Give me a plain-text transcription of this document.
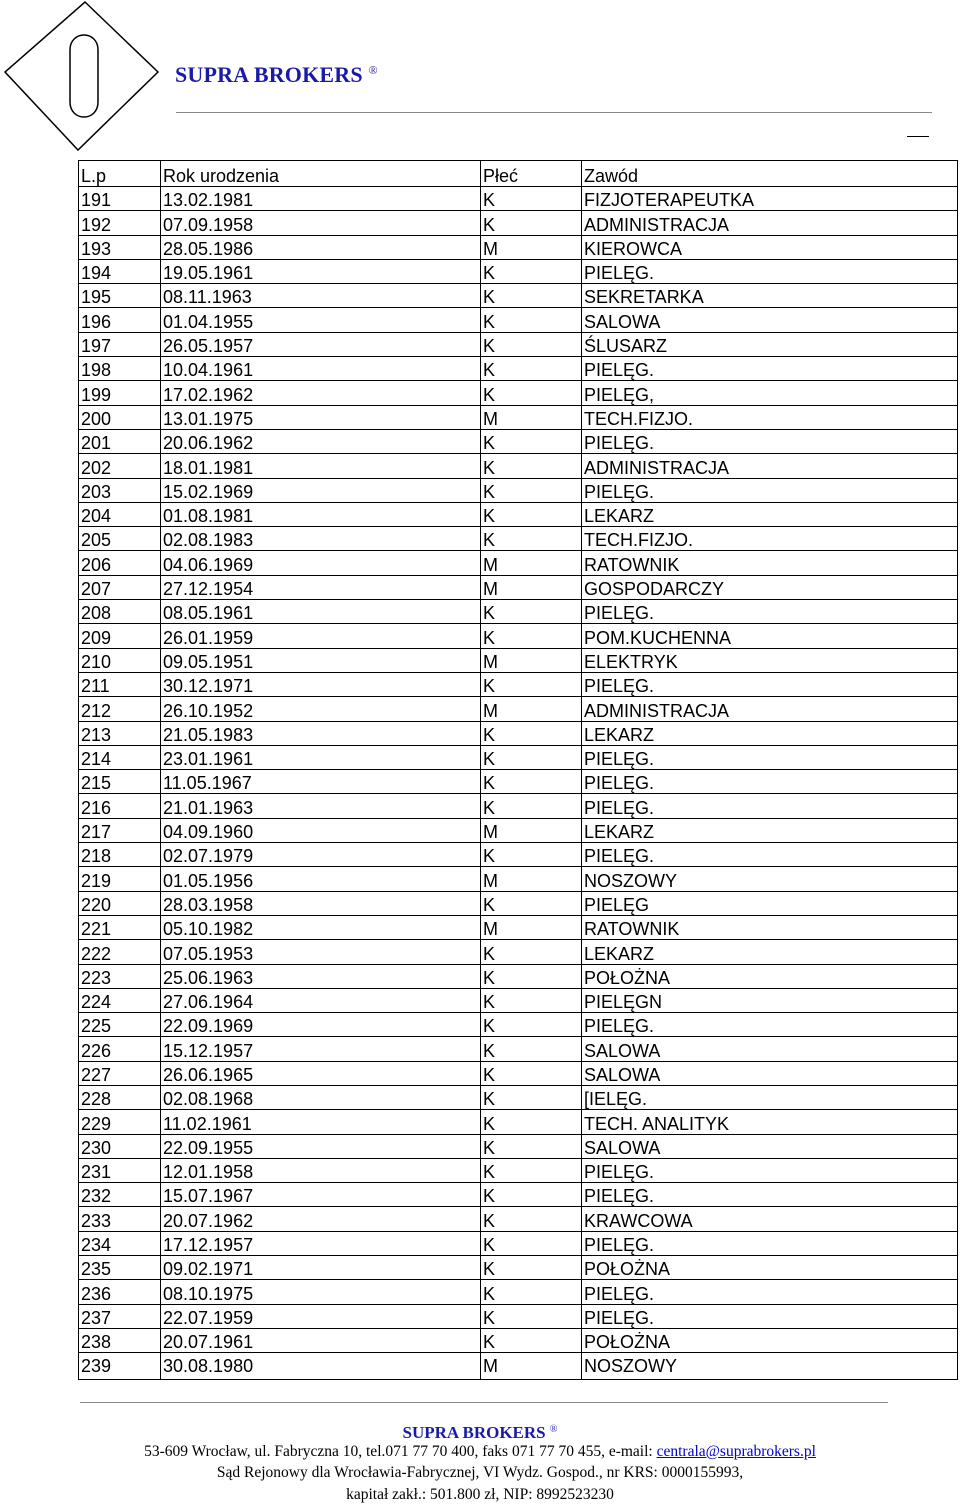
SUPRA BROKERS ®
L.p	Rok urodzenia	Płeć	Zawód
191	13.02.1981	K	FIZJOTERAPEUTKA
192	07.09.1958	K	ADMINISTRACJA
193	28.05.1986	M	KIEROWCA
194	19.05.1961	K	PIELĘG.
195	08.11.1963	K	SEKRETARKA
196	01.04.1955	K	SALOWA
197	26.05.1957	K	ŚLUSARZ
198	10.04.1961	K	PIELĘG.
199	17.02.1962	K	PIELĘG,
200	13.01.1975	M	TECH.FIZJO.
201	20.06.1962	K	PIELĘG.
202	18.01.1981	K	ADMINISTRACJA
203	15.02.1969	K	PIELĘG.
204	01.08.1981	K	LEKARZ
205	02.08.1983	K	TECH.FIZJO.
206	04.06.1969	M	RATOWNIK
207	27.12.1954	M	GOSPODARCZY
208	08.05.1961	K	PIELĘG.
209	26.01.1959	K	POM.KUCHENNA
210	09.05.1951	M	ELEKTRYK
211	30.12.1971	K	PIELĘG.
212	26.10.1952	M	ADMINISTRACJA
213	21.05.1983	K	LEKARZ
214	23.01.1961	K	PIELĘG.
215	11.05.1967	K	PIELĘG.
216	21.01.1963	K	PIELĘG.
217	04.09.1960	M	LEKARZ
218	02.07.1979	K	PIELĘG.
219	01.05.1956	M	NOSZOWY
220	28.03.1958	K	PIELĘG
221	05.10.1982	M	RATOWNIK
222	07.05.1953	K	LEKARZ
223	25.06.1963	K	POŁOŻNA
224	27.06.1964	K	PIELĘGN
225	22.09.1969	K	PIELĘG.
226	15.12.1957	K	SALOWA
227	26.06.1965	K	SALOWA
228	02.08.1968	K	[IELĘG.
229	11.02.1961	K	TECH. ANALITYK
230	22.09.1955	K	SALOWA
231	12.01.1958	K	PIELĘG.
232	15.07.1967	K	PIELĘG.
233	20.07.1962	K	KRAWCOWA
234	17.12.1957	K	PIELĘG.
235	09.02.1971	K	POŁOŻNA
236	08.10.1975	K	PIELĘG.
237	22.07.1959	K	PIELĘG.
238	20.07.1961	K	POŁOŻNA
239	30.08.1980	M	NOSZOWY
SUPRA BROKERS ®
53-609 Wrocław, ul. Fabryczna 10, tel.071 77 70 400, faks 071 77 70 455, e-mail: centrala@suprabrokers.pl
Sąd Rejonowy dla Wrocławia-Fabrycznej, VI Wydz. Gospod., nr KRS: 0000155993,
kapitał zakł.: 501.800 zł, NIP: 8992523230
